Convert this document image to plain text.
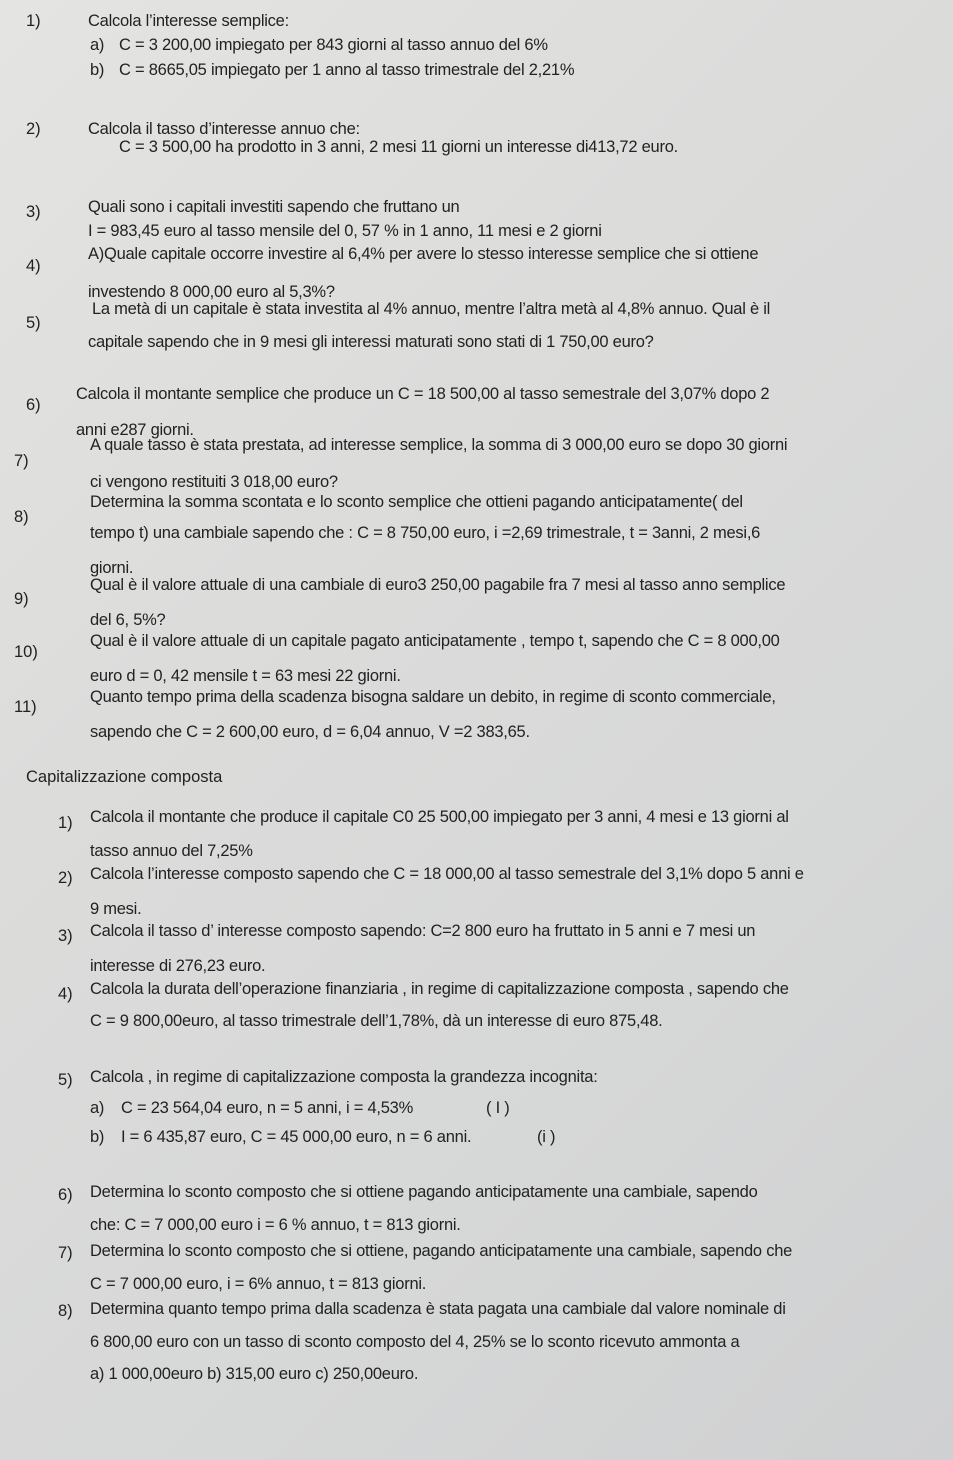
1)	Calcola l’interesse semplice:
a) C = 3 200,00 impiegato per 843 giorni al tasso annuo del 6%
b) C = 8665,05 impiegato per 1 anno al tasso trimestrale del 2,21%
2)	Calcola il tasso d’interesse annuo che:
C = 3 500,00 ha prodotto in 3 anni, 2 mesi 11 giorni un interesse di413,72 euro.
3)	Quali sono i capitali investiti sapendo che fruttano un
I = 983,45 euro al tasso mensile del 0, 57 % in 1 anno, 11 mesi e 2 giorni
4)
A)Quale capitale occorre investire al 6,4% per avere lo stesso interesse semplice che si ottiene
investendo 8 000,00 euro al 5,3%?
5)
La metà di un capitale è stata investita al 4% annuo, mentre l’altra metà al 4,8% annuo. Qual è il
capitale sapendo che in 9 mesi gli interessi maturati sono stati di 1 750,00 euro?
6)
Calcola il montante semplice che produce un C = 18 500,00 al tasso semestrale del 3,07% dopo 2
anni e287 giorni.
7)
A quale tasso è stata prestata, ad interesse semplice, la somma di 3 000,00 euro se dopo 30 giorni
ci vengono restituiti 3 018,00 euro?
8)
Determina la somma scontata e lo sconto semplice che ottieni pagando anticipatamente( del
tempo t) una cambiale sapendo che : C = 8 750,00 euro, i =2,69 trimestrale, t = 3anni, 2 mesi,6
giorni.
9)
Qual è il valore attuale di una cambiale di euro3 250,00 pagabile fra 7 mesi al tasso anno semplice
del 6, 5%?
10)
Qual è il valore attuale di un capitale pagato anticipatamente , tempo t, sapendo che C = 8 000,00
euro d = 0, 42 mensile t = 63 mesi 22 giorni.
11)
Quanto tempo prima della scadenza bisogna saldare un debito, in regime di sconto commerciale,
sapendo che C = 2 600,00 euro, d = 6,04 annuo, V =2 383,65.
Capitalizzazione composta
1) Calcola il montante che produce il capitale C0 25 500,00 impiegato per 3 anni, 4 mesi e 13 giorni al
tasso annuo del 7,25%
2) Calcola l’interesse composto sapendo che C = 18 000,00 al tasso semestrale del 3,1% dopo 5 anni e
9 mesi.
3) Calcola il tasso d’ interesse composto sapendo: C=2 800 euro ha fruttato in 5 anni e 7 mesi un
interesse di 276,23 euro.
4) Calcola la durata dell’operazione finanziaria , in regime di capitalizzazione composta , sapendo che
C = 9 800,00euro, al tasso trimestrale dell’1,78%, dà un interesse di euro 875,48.
5) Calcola , in regime di capitalizzazione composta la grandezza incognita:
a) C = 23 564,04 euro, n = 5 anni, i = 4,53%	( I )
b) I = 6 435,87 euro, C = 45 000,00 euro, n = 6 anni.	(i )
6) Determina lo sconto composto che si ottiene pagando anticipatamente una cambiale, sapendo
che: C = 7 000,00 euro i = 6 % annuo, t = 813 giorni.
7) Determina lo sconto composto che si ottiene, pagando anticipatamente una cambiale, sapendo che
C = 7 000,00 euro, i = 6% annuo, t = 813 giorni.
8) Determina quanto tempo prima dalla scadenza è stata pagata una cambiale dal valore nominale di
6 800,00 euro con un tasso di sconto composto del 4, 25% se lo sconto ricevuto ammonta a
a) 1 000,00euro b) 315,00 euro c) 250,00euro.
